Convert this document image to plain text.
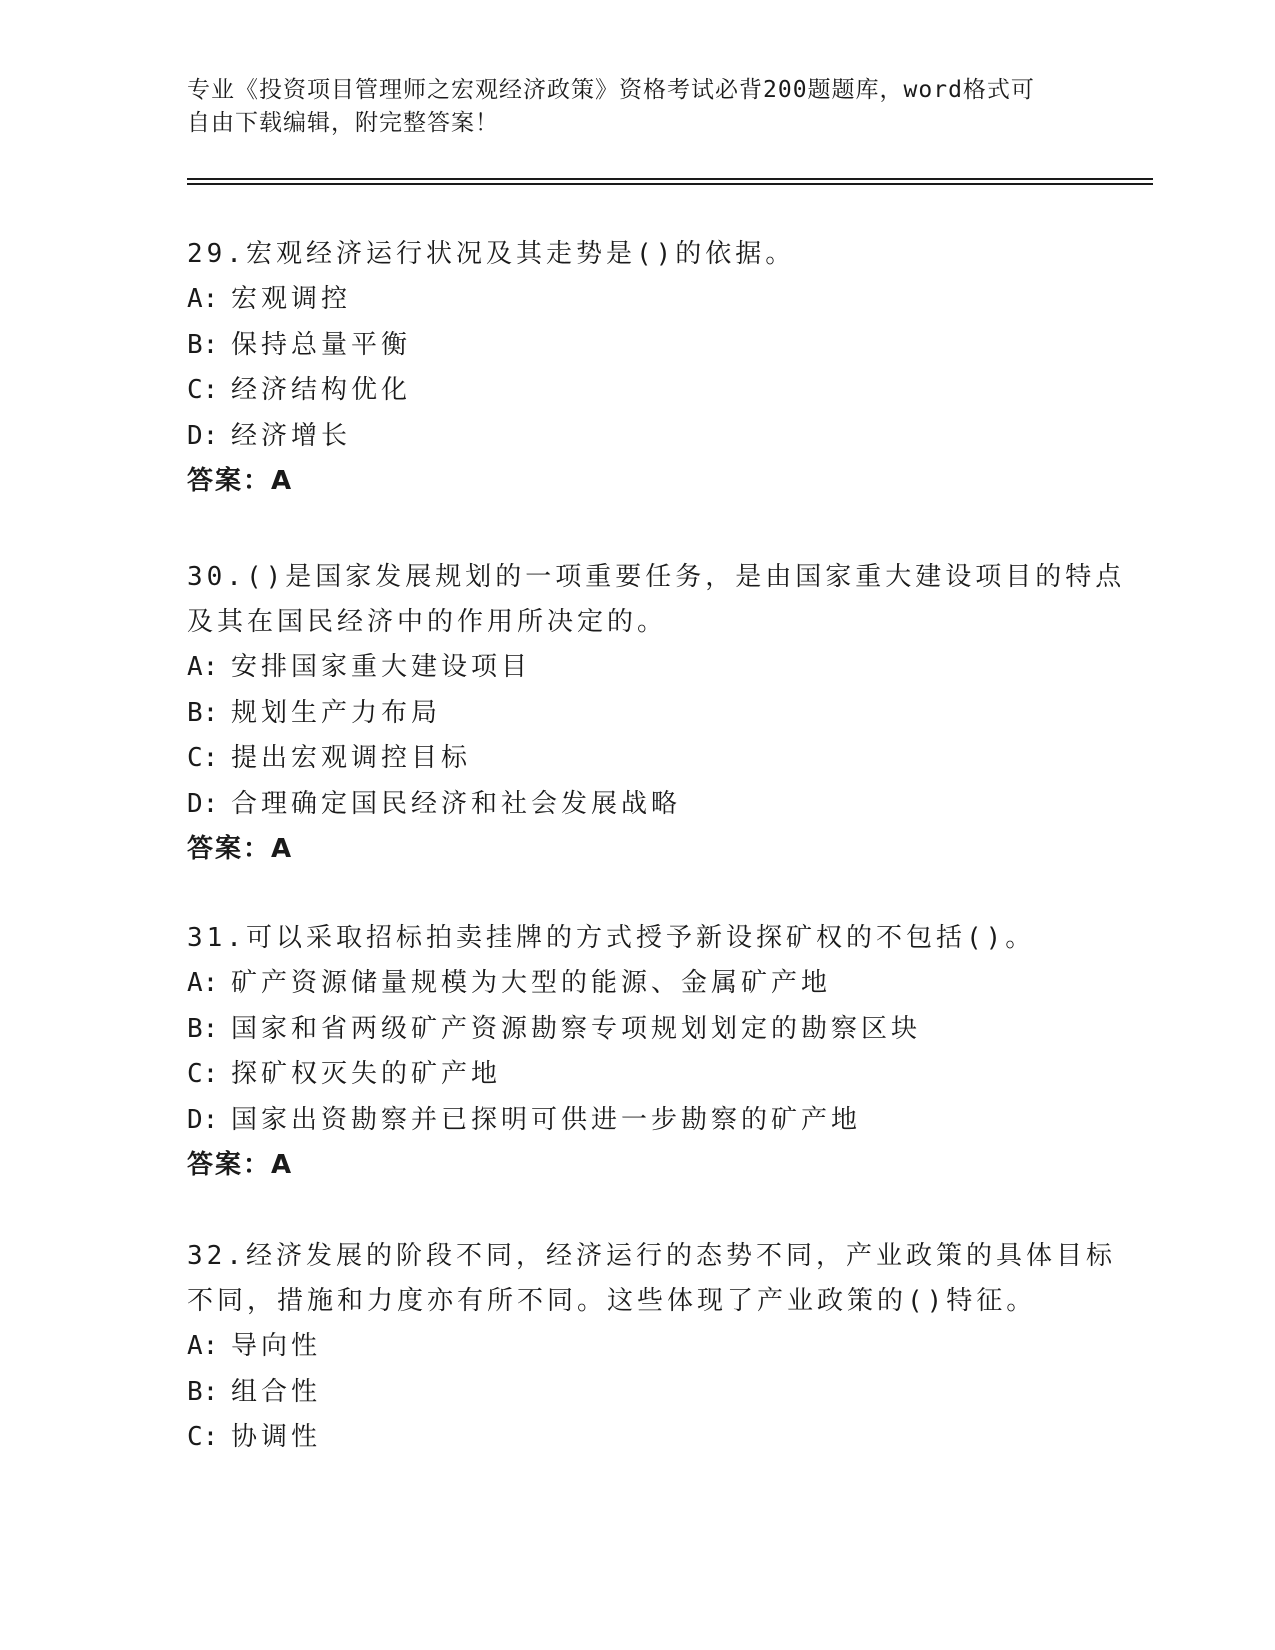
专业《投资项目管理师之宏观经济政策》资格考试必背200题题库，word格式可
自由下载编辑，附完整答案！

29.宏观经济运行状况及其走势是()的依据。

A: 宏观调控

B: 保持总量平衡

C: 经济结构优化

D: 经济增长

答案：A

30.()是国家发展规划的一项重要任务，是由国家重大建设项目的特点

及其在国民经济中的作用所决定的。

A: 安排国家重大建设项目

B: 规划生产力布局

C: 提出宏观调控目标

D: 合理确定国民经济和社会发展战略

答案：A

31.可以采取招标拍卖挂牌的方式授予新设探矿权的不包括()。

A: 矿产资源储量规模为大型的能源、金属矿产地

B: 国家和省两级矿产资源勘察专项规划划定的勘察区块

C: 探矿权灭失的矿产地

D: 国家出资勘察并已探明可供进一步勘察的矿产地

答案：A

32.经济发展的阶段不同，经济运行的态势不同，产业政策的具体目标

不同，措施和力度亦有所不同。这些体现了产业政策的()特征。

A: 导向性

B: 组合性

C: 协调性
